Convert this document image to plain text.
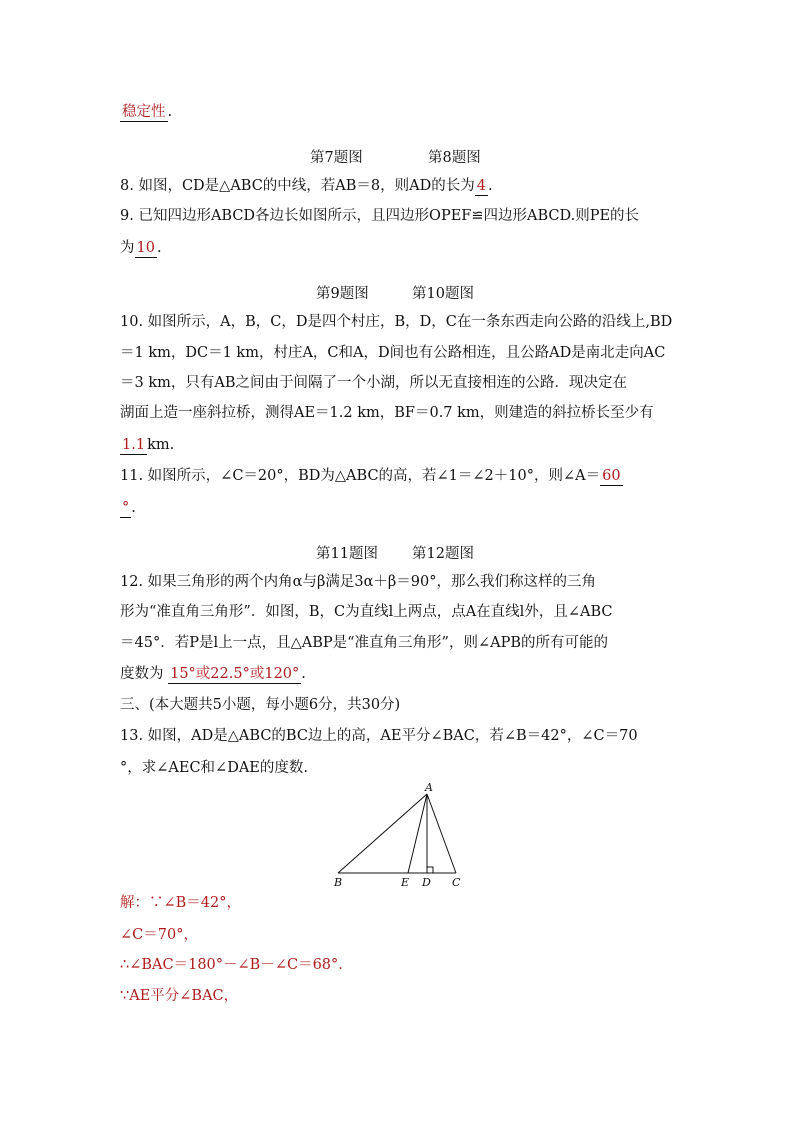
稳定性 .
第7题图	第8题图
8. 如图，CD是△ABC的中线，若AB＝8，则AD的长为 4 .
9. 已知四边形ABCD各边长如图所示，且四边形OPEF≌四边形ABCD.则PE的长
为 10 .
第9题图	第10题图
10. 如图所示，A，B，C，D是四个村庄，B，D，C在一条东西走向公路的沿线上,BD
＝1 km，DC＝1 km，村庄A，C和A，D间也有公路相连，且公路AD是南北走向AC
＝3 km，只有AB之间由于间隔了一个小湖，所以无直接相连的公路．现决定在
湖面上造一座斜拉桥，测得AE＝1.2 km，BF＝0.7 km，则建造的斜拉桥长至少有
1.1 km.
11. 如图所示，∠C＝20°，BD为△ABC的高，若∠1＝∠2＋10°，则∠A＝ 60
° .
第11题图 第12题图
12. 如果三角形的两个内角α与β满足3α＋β＝90°，那么我们称这样的三角
形为“准直角三角形”．如图，B，C为直线l上两点，点A在直线l外，且∠ABC
＝45°．若P是l上一点，且△ABP是“准直角三角形”，则∠APB的所有可能的
度数为 15°或22.5°或120° .
三、(本大题共5小题，每小题6分，共30分)
13. 如图，AD是△ABC的BC边上的高，AE平分∠BAC，若∠B＝42°，∠C＝70
°，求∠AEC和∠DAE的度数.
A
B	E D C
解：∵∠B＝42°，
∠C＝70°，
∴∠BAC＝180°－∠B－∠C＝68°．
∵AE平分∠BAC，
